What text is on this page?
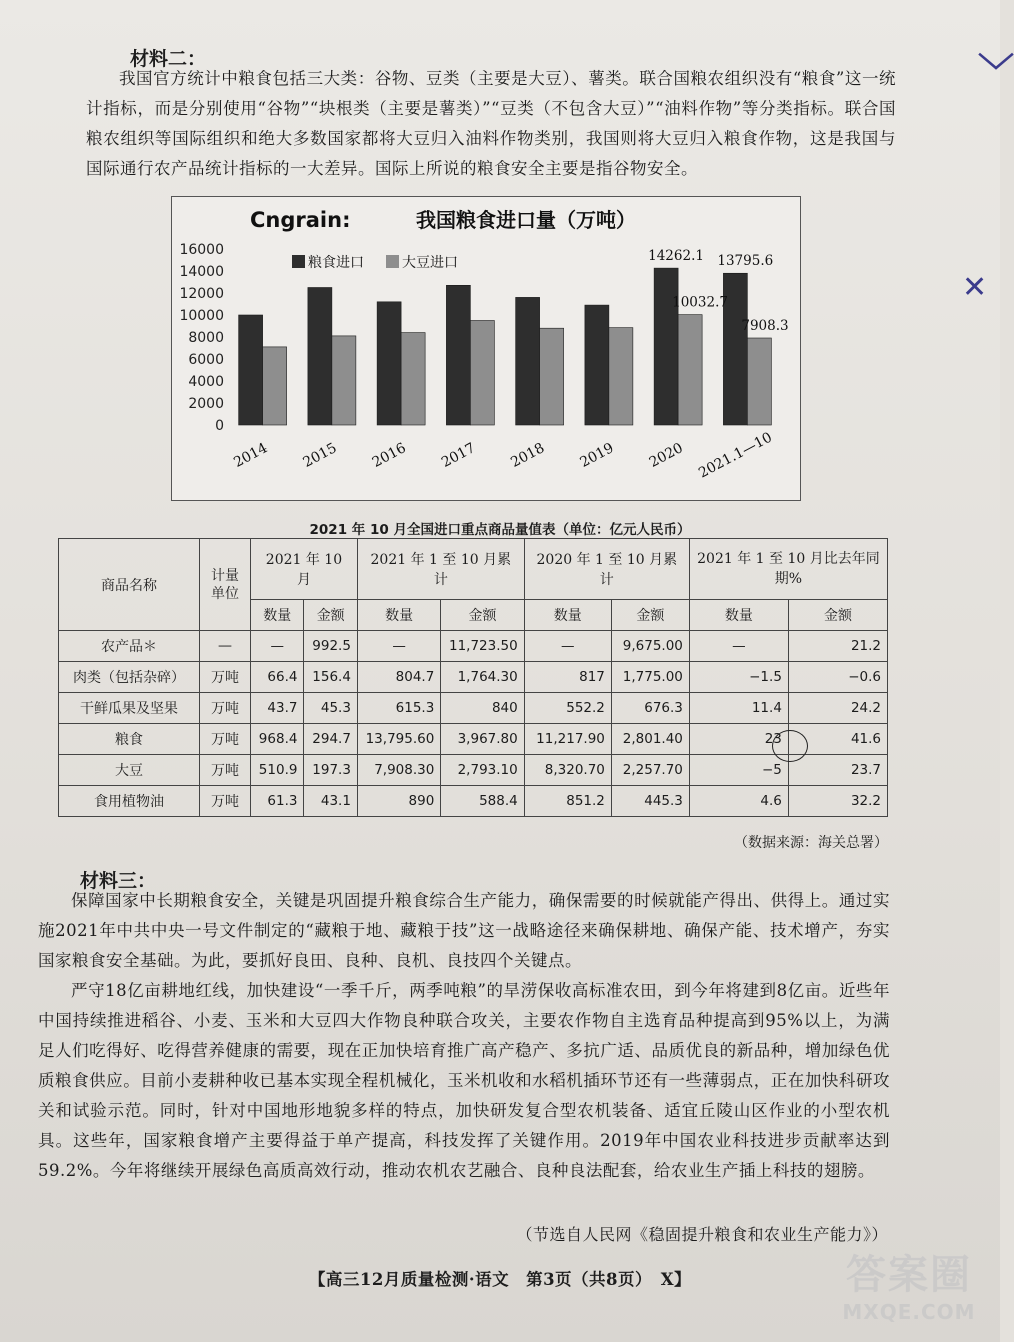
材料二：

我国官方统计中粮食包括三大类：谷物、豆类（主要是大豆）、薯类。联合国粮农组织没有“粮食”这一统计指标，而是分别使用“谷物”“块根类（主要是薯类）”“豆类（不包含大豆）”“油料作物”等分类指标。联合国粮农组织等国际组织和绝大多数国家都将大豆归入油料作物类别，我国则将大豆归入粮食作物，这是我国与国际通行农产品统计指标的一大差异。国际上所说的粮食安全主要是指谷物安全。

Cngrain:	我国粮食进口量（万吨）
0
2000
4000
6000
8000
10000
12000
14000
16000
粮食进口	大豆进口	14262.1 13795.6
10032.7
7908.3
2014 2015 2016 2017 2018 2019 2020 2021.1—10
2021 年 10 月全国进口重点商品量值表（单位：亿元人民币）
商品名称	计量单位	2021 年 10 月		2021 年 1 至 10 月累计		2020 年 1 至 10 月累计		2021 年 1 至 10 月比去年同期%	
		数量	金额	数量	金额	数量	金额	数量	金额
农产品＊	—	—	992.5	—	11,723.50	—	9,675.00	—	21.2
肉类（包括杂碎）	万吨	66.4	156.4	804.7	1,764.30	817	1,775.00	−1.5	−0.6
干鲜瓜果及坚果	万吨	43.7	45.3	615.3	840	552.2	676.3	11.4	24.2
粮食	万吨	968.4	294.7	13,795.60	3,967.80	11,217.90	2,801.40	23	41.6
大豆	万吨	510.9	197.3	7,908.30	2,793.10	8,320.70	2,257.70	−5	23.7
食用植物油	万吨	61.3	43.1	890	588.4	851.2	445.3	4.6	32.2
（数据来源：海关总署）
材料三：

保障国家中长期粮食安全，关键是巩固提升粮食综合生产能力，确保需要的时候就能产得出、供得上。通过实施2021年中共中央一号文件制定的“藏粮于地、藏粮于技”这一战略途径来确保耕地、确保产能、技术增产，夯实国家粮食安全基础。为此，要抓好良田、良种、良机、良技四个关键点。

严守18亿亩耕地红线，加快建设“一季千斤，两季吨粮”的旱涝保收高标准农田，到今年将建到8亿亩。近些年中国持续推进稻谷、小麦、玉米和大豆四大作物良种联合攻关，主要农作物自主选育品种提高到95%以上，为满足人们吃得好、吃得营养健康的需要，现在正加快培育推广高产稳产、多抗广适、品质优良的新品种，增加绿色优质粮食供应。目前小麦耕种收已基本实现全程机械化，玉米机收和水稻机插环节还有一些薄弱点，正在加快科研攻关和试验示范。同时，针对中国地形地貌多样的特点，加快研发复合型农机装备、适宜丘陵山区作业的小型农机具。这些年，国家粮食增产主要得益于单产提高，科技发挥了关键作用。2019年中国农业科技进步贡献率达到59.2%。今年将继续开展绿色高质高效行动，推动农机农艺融合、良种良法配套，给农业生产插上科技的翅膀。

（节选自人民网《稳固提升粮食和农业生产能力》）
【高三12月质量检测·语文　第3页（共8页）　X】
﹀
✕
答案圈
MXQE.COM
